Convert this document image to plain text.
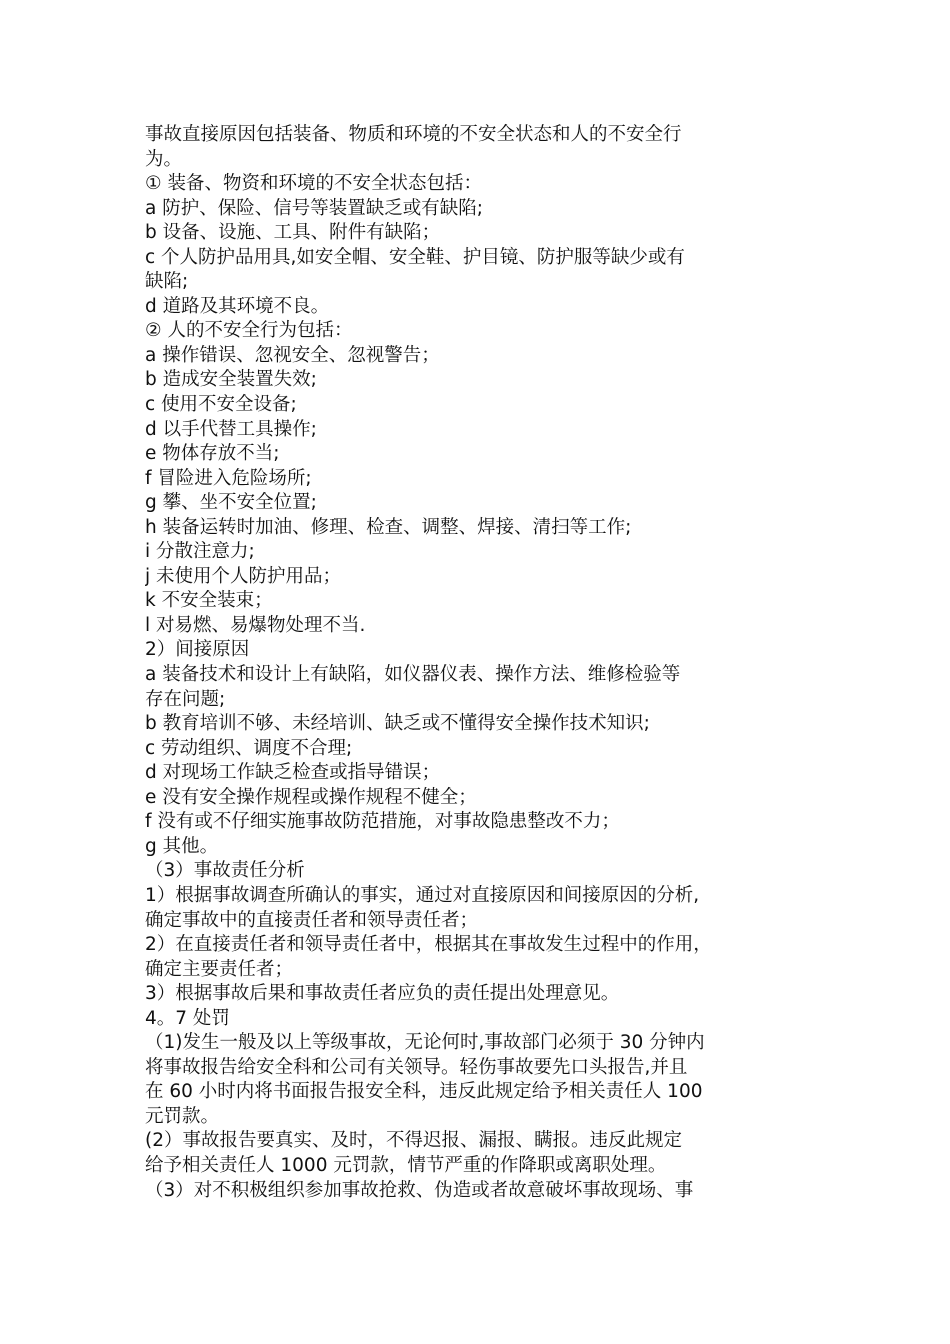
事故直接原因包括装备、物质和环境的不安全状态和人的不安全行
为。
① 装备、物资和环境的不安全状态包括：
a 防护、保险、信号等装置缺乏或有缺陷;
b 设备、设施、工具、附件有缺陷；
c 个人防护品用具,如安全帽、安全鞋、护目镜、防护服等缺少或有
缺陷;
d 道路及其环境不良。
② 人的不安全行为包括：
a 操作错误、忽视安全、忽视警告；
b 造成安全装置失效;
c 使用不安全设备;
d 以手代替工具操作;
e 物体存放不当;
f 冒险进入危险场所;
g 攀、坐不安全位置;
h 装备运转时加油、修理、检查、调整、焊接、清扫等工作;
i 分散注意力;
j 未使用个人防护用品；
k 不安全装束；
l 对易燃、易爆物处理不当.
2）间接原因
a 装备技术和设计上有缺陷，如仪器仪表、操作方法、维修检验等
存在问题;
b 教育培训不够、未经培训、缺乏或不懂得安全操作技术知识;
c 劳动组织、调度不合理;
d 对现场工作缺乏检查或指导错误；
e 没有安全操作规程或操作规程不健全；
f 没有或不仔细实施事故防范措施，对事故隐患整改不力；
g 其他。
（3）事故责任分析
1）根据事故调查所确认的事实，通过对直接原因和间接原因的分析,
确定事故中的直接责任者和领导责任者；
2）在直接责任者和领导责任者中，根据其在事故发生过程中的作用，
确定主要责任者；
3）根据事故后果和事故责任者应负的责任提出处理意见。
4。7 处罚
（1)发生一般及以上等级事故，无论何时,事故部门必须于 30 分钟内
将事故报告给安全科和公司有关领导。轻伤事故要先口头报告,并且
在 60 小时内将书面报告报安全科，违反此规定给予相关责任人 100
元罚款。
(2）事故报告要真实、及时，不得迟报、漏报、瞒报。违反此规定
给予相关责任人 1000 元罚款，情节严重的作降职或离职处理。
（3）对不积极组织参加事故抢救、伪造或者故意破坏事故现场、事
